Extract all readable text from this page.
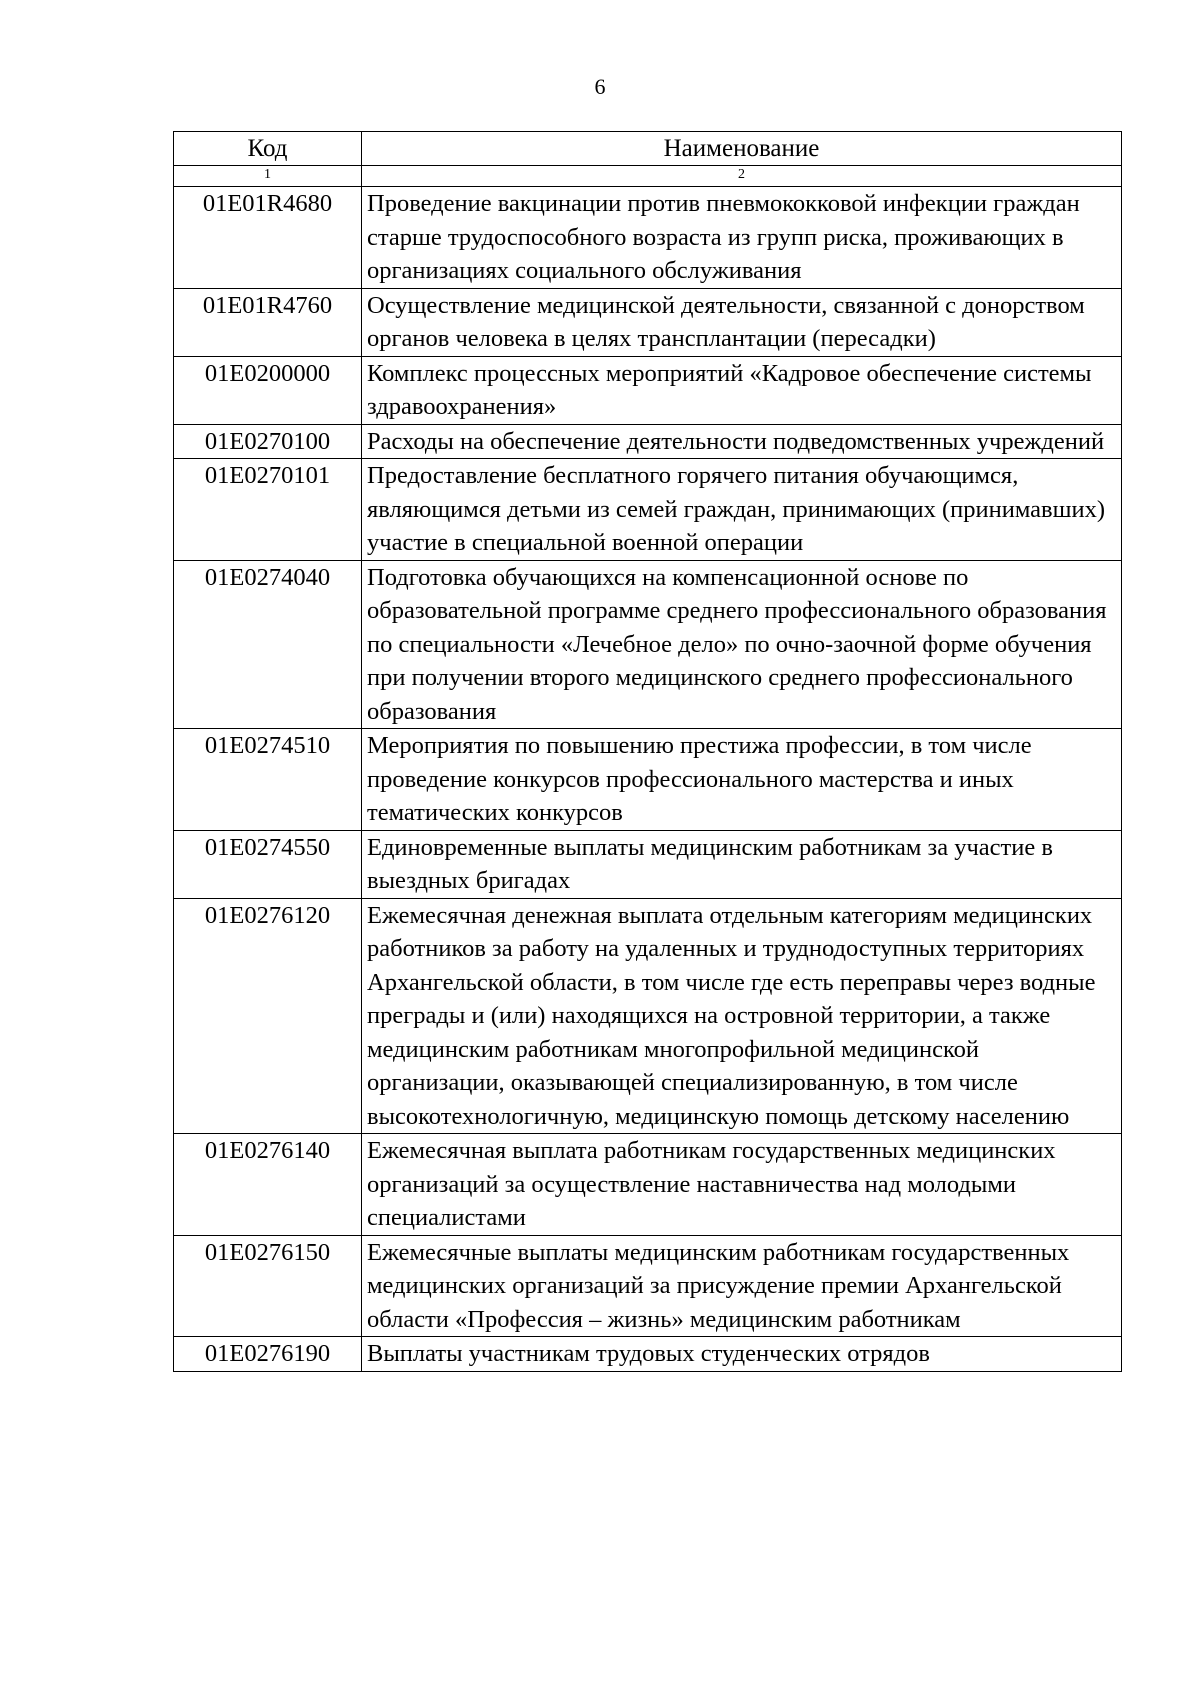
6
Код	Наименование
1	2
01E01R4680	Проведение вакцинации против пневмококковой инфекции граждан старше трудоспособного возраста из групп риска, проживающих в организациях социального обслуживания
01E01R4760	Осуществление медицинской деятельности, связанной с донорством органов человека в целях трансплантации (пересадки)
01E0200000	Комплекс процессных мероприятий «Кадровое обеспечение системы здравоохранения»
01E0270100	Расходы на обеспечение деятельности подведомственных учреждений
01E0270101	Предоставление бесплатного горячего питания обучающимся, являющимся детьми из семей граждан, принимающих (принимавших) участие в специальной военной операции
01E0274040	Подготовка обучающихся на компенсационной основе по образовательной программе среднего профессионального образования по специальности «Лечебное дело» по очно-заочной форме обучения при получении второго медицинского среднего профессионального образования
01E0274510	Мероприятия по повышению престижа профессии, в том числе проведение конкурсов профессионального мастерства и иных тематических конкурсов
01E0274550	Единовременные выплаты медицинским работникам за участие в выездных бригадах
01E0276120	Ежемесячная денежная выплата отдельным категориям медицинских работников за работу на удаленных и труднодоступных территориях Архангельской области, в том числе где есть переправы через водные преграды и (или) находящихся на островной территории, а также медицинским работникам многопрофильной медицинской организации, оказывающей специализированную, в том числе высокотехнологичную, медицинскую помощь детскому населению
01E0276140	Ежемесячная выплата работникам государственных медицинских организаций за осуществление наставничества над молодыми специалистами
01E0276150	Ежемесячные выплаты медицинским работникам государственных медицинских организаций за присуждение премии Архангельской области «Профессия – жизнь» медицинским работникам
01E0276190	Выплаты участникам трудовых студенческих отрядов
